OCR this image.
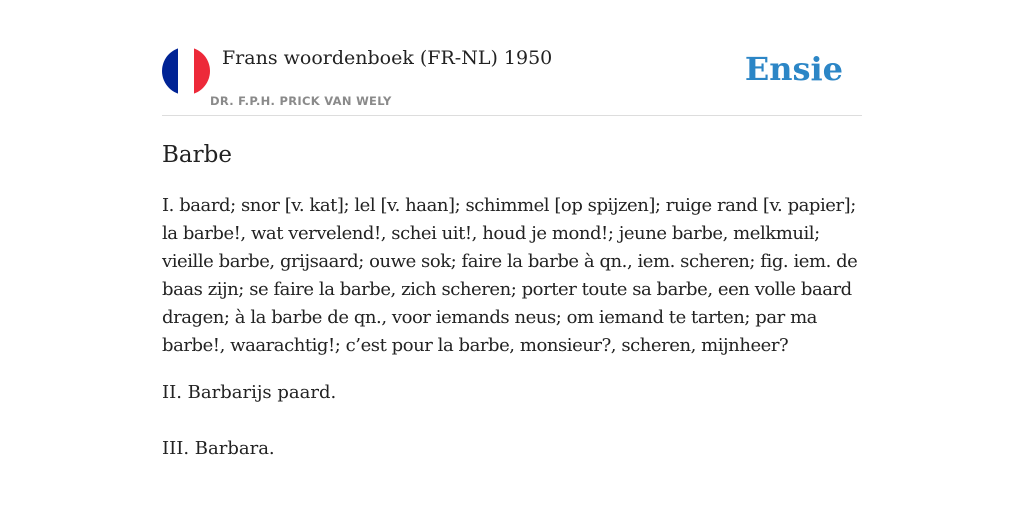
Frans woordenboek (FR-NL) 1950
DR. F.P.H. PRICK VAN WELY
Ensie
Barbe

I. baard; snor [v. kat]; lel [v. haan]; schimmel [op spijzen]; ruige rand [v. papier]; la barbe!, wat vervelend!, schei uit!, houd je mond!; jeune barbe, melkmuil; vieille barbe, grijsaard; ouwe sok; faire la barbe à qn., iem. scheren; fig. iem. de baas zijn; se faire la barbe, zich scheren; porter toute sa barbe, een volle baard dragen; à la barbe de qn., voor iemands neus; om iemand te tarten; par ma barbe!, waarachtig!; c’est pour la barbe, monsieur?, scheren, mijnheer?

II. Barbarijs paard.

III. Barbara.
